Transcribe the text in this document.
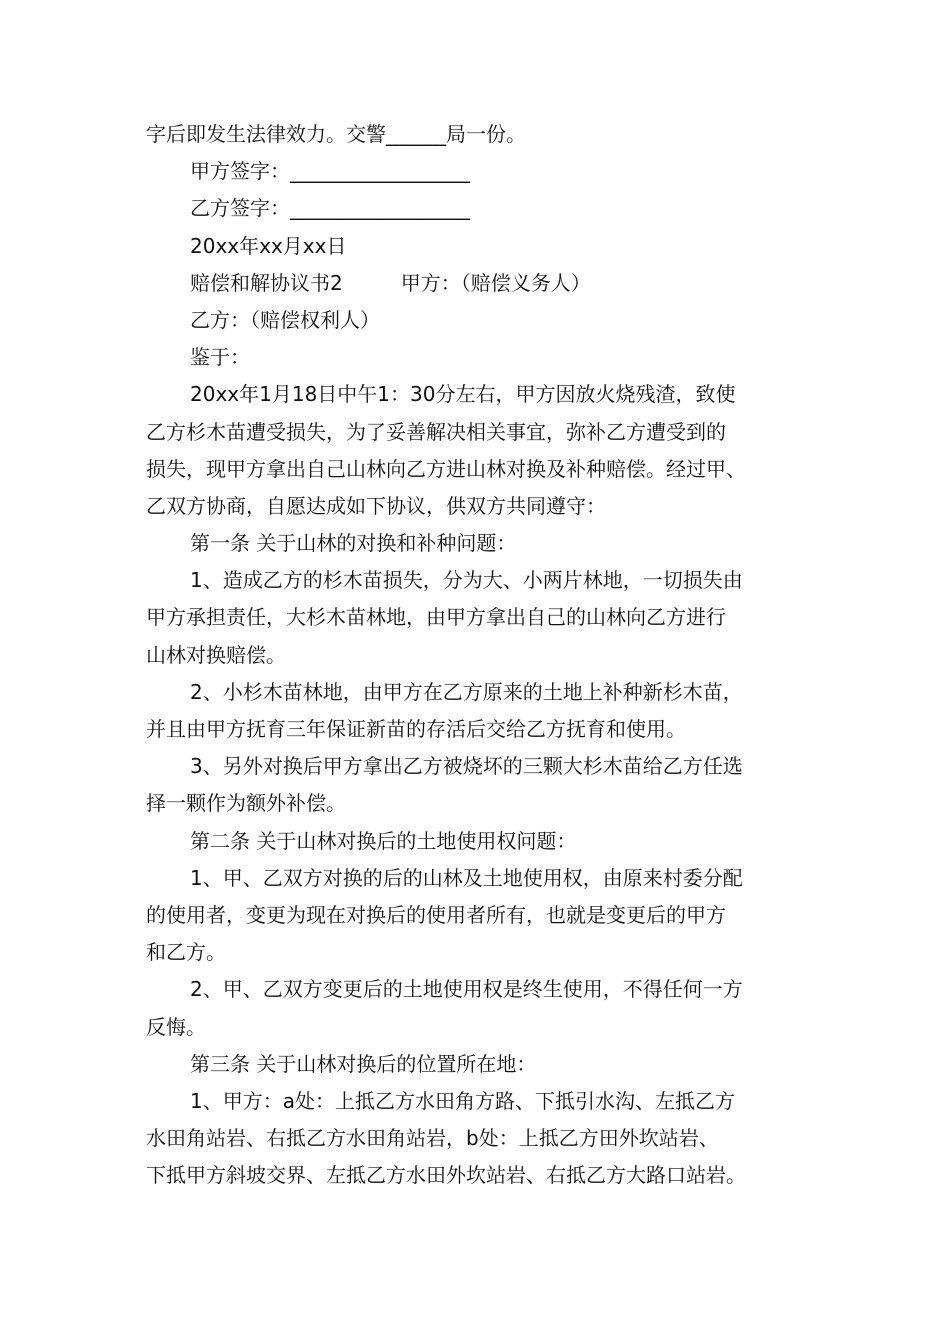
字后即发生法律效力。交警______局一份。
甲方签字：__________________
乙方签字：__________________
20xx年xx月xx日
赔偿和解协议书2	甲方：（赔偿义务人）
乙方：（赔偿权利人）
鉴于：
20xx年1月18日中午1：30分左右，甲方因放火烧残渣，致使
乙方杉木苗遭受损失，为了妥善解决相关事宜，弥补乙方遭受到的
损失，现甲方拿出自己山林向乙方进山林对换及补种赔偿。经过甲、
乙双方协商，自愿达成如下协议，供双方共同遵守：
第一条 关于山林的对换和补种问题：
1、造成乙方的杉木苗损失，分为大、小两片林地，一切损失由
甲方承担责任，大杉木苗林地，由甲方拿出自己的山林向乙方进行
山林对换赔偿。
2、小杉木苗林地，由甲方在乙方原来的土地上补种新杉木苗，
并且由甲方抚育三年保证新苗的存活后交给乙方抚育和使用。
3、另外对换后甲方拿出乙方被烧坏的三颗大杉木苗给乙方任选
择一颗作为额外补偿。
第二条 关于山林对换后的土地使用权问题：
1、甲、乙双方对换的后的山林及土地使用权，由原来村委分配
的使用者，变更为现在对换后的使用者所有，也就是变更后的甲方
和乙方。
2、甲、乙双方变更后的土地使用权是终生使用，不得任何一方
反悔。
第三条 关于山林对换后的位置所在地：
1、甲方：a处：上抵乙方水田角方路、下抵引水沟、左抵乙方
水田角站岩、右抵乙方水田角站岩，b处：上抵乙方田外坎站岩、
下抵甲方斜坡交界、左抵乙方水田外坎站岩、右抵乙方大路口站岩。
